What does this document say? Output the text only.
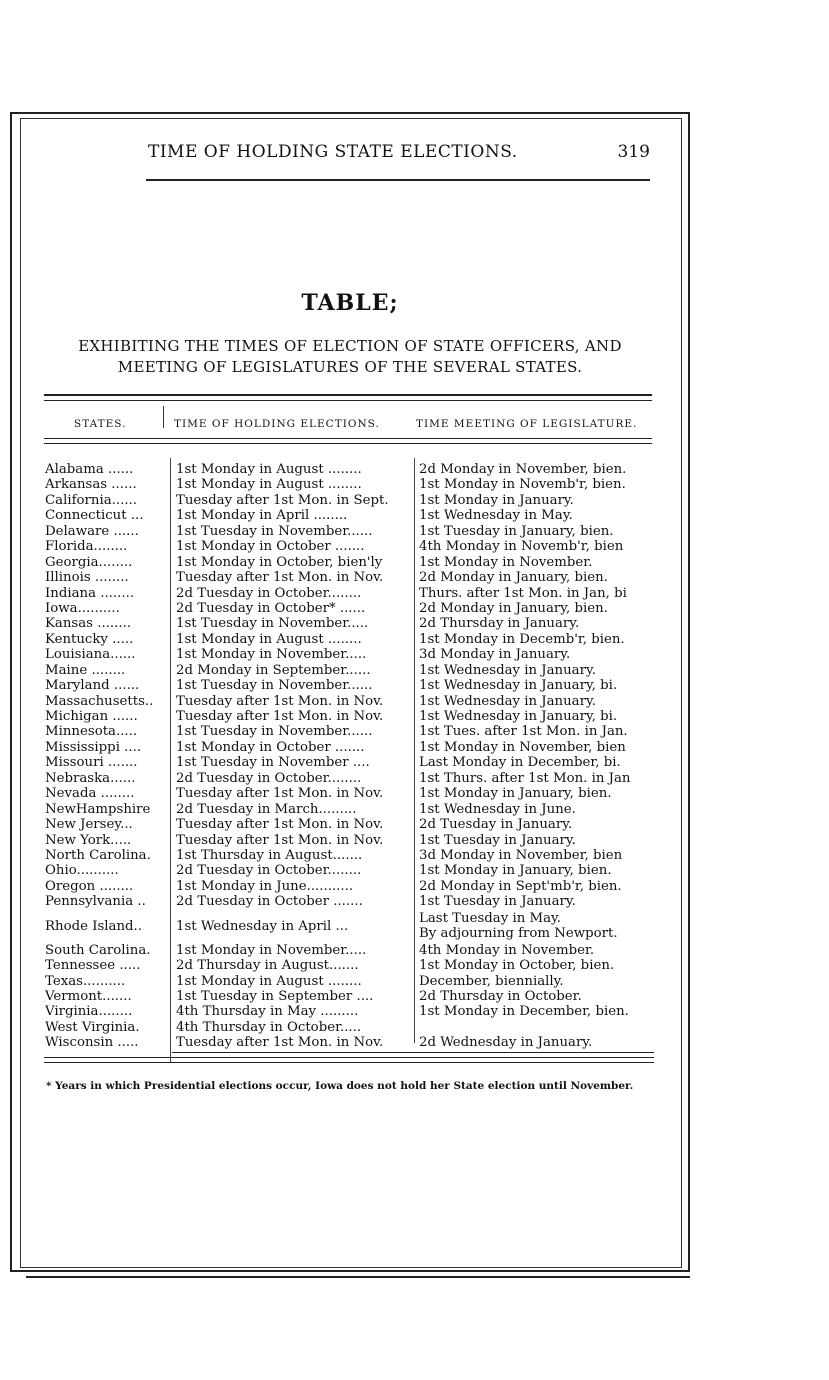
TIME OF HOLDING STATE ELECTIONS.	319
TABLE;
EXHIBITING THE TIMES OF ELECTION OF STATE OFFICERS, AND
MEETING OF LEGISLATURES OF THE SEVERAL STATES.
STATES.	TIME OF HOLDING ELECTIONS.	TIME MEETING OF LEGISLATURE.
Alabama ......	1st Monday in August ........	2d Monday in November, bien.
Arkansas ......	1st Monday in August ........	1st Monday in Novemb'r, bien.
California......	Tuesday after 1st Mon. in Sept.	1st Monday in January.
Connecticut ...	1st Monday in April ........	1st Wednesday in May.
Delaware ......	1st Tuesday in November......	1st Tuesday in January, bien.
Florida........	1st Monday in October .......	4th Monday in Novemb'r, bien
Georgia........	1st Monday in October, bien'ly	1st Monday in November.
Illinois ........	Tuesday after 1st Mon. in Nov.	2d Monday in January, bien.
Indiana ........	2d Tuesday in October........	Thurs. after 1st Mon. in Jan, bi
Iowa..........	2d Tuesday in October* ......	2d Monday in January, bien.
Kansas ........	1st Tuesday in November.....	2d Thursday in January.
Kentucky .....	1st Monday in August ........	1st Monday in Decemb'r, bien.
Louisiana......	1st Monday in November.....	3d Monday in January.
Maine ........	2d Monday in September......	1st Wednesday in January.
Maryland ......	1st Tuesday in November......	1st Wednesday in January, bi.
Massachusetts..	Tuesday after 1st Mon. in Nov.	1st Wednesday in January.
Michigan ......	Tuesday after 1st Mon. in Nov.	1st Wednesday in January, bi.
Minnesota.....	1st Tuesday in November......	1st Tues. after 1st Mon. in Jan.
Mississippi ....	1st Monday in October .......	1st Monday in November, bien
Missouri .......	1st Tuesday in November ....	Last Monday in December, bi.
Nebraska......	2d Tuesday in October........	1st Thurs. after 1st Mon. in Jan
Nevada ........	Tuesday after 1st Mon. in Nov.	1st Monday in January, bien.
NewHampshire	2d Tuesday in March.........	1st Wednesday in June.
New Jersey...	Tuesday after 1st Mon. in Nov.	2d Tuesday in January.
New York.....	Tuesday after 1st Mon. in Nov.	1st Tuesday in January.
North Carolina.	1st Thursday in August.......	3d Monday in November, bien
Ohio..........	2d Tuesday in October........	1st Monday in January, bien.
Oregon ........	1st Monday in June...........	2d Monday in Sept'mb'r, bien.
Pennsylvania ..	2d Tuesday in October .......	1st Tuesday in January.
Rhode Island..	1st Wednesday in April ...
Last Tuesday in May.
By adjourning from Newport.
South Carolina.	1st Monday in November.....	4th Monday in November.
Tennessee .....	2d Thursday in August.......	1st Monday in October, bien.
Texas..........	1st Monday in August ........	December, biennially.
Vermont.......	1st Tuesday in September ....	2d Thursday in October.
Virginia........	4th Thursday in May .........	1st Monday in December, bien.
West Virginia.	4th Thursday in October.....
Wisconsin .....	Tuesday after 1st Mon. in Nov.	2d Wednesday in January.
* Years in which Presidential elections occur, Iowa does not hold her State election until November.
